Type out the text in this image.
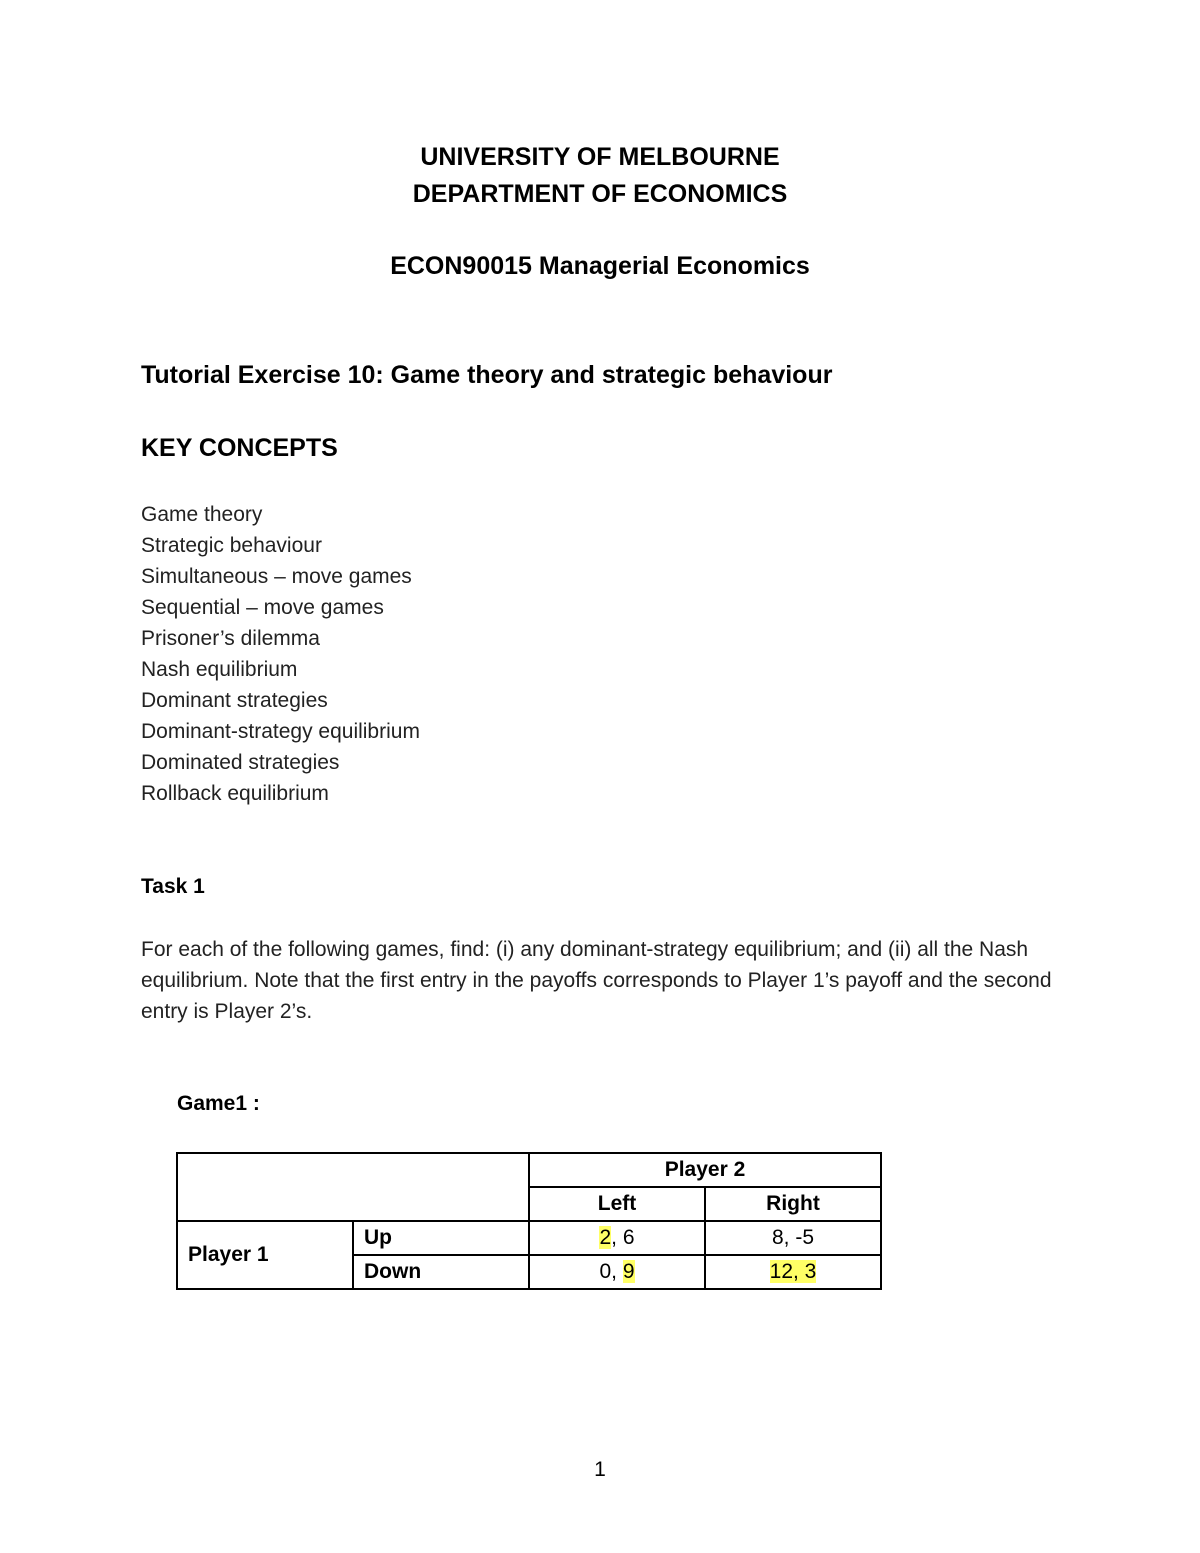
UNIVERSITY OF MELBOURNE
DEPARTMENT OF ECONOMICS
ECON90015 Managerial Economics
Tutorial Exercise 10: Game theory and strategic behaviour
KEY CONCEPTS
Game theory
Strategic behaviour
Simultaneous – move games
Sequential – move games
Prisoner’s dilemma
Nash equilibrium
Dominant strategies
Dominant-strategy equilibrium
Dominated strategies
Rollback equilibrium
Task 1
For each of the following games, find: (i) any dominant-strategy equilibrium; and (ii) all the Nash equilibrium. Note that the first entry in the payoffs corresponds to Player 1’s payoff and the second entry is Player 2’s.
Game1 :
		Player 2	
		Left	Right
Player 1	Up	2, 6	8, -5
	Down	0, 9	12, 3
1
